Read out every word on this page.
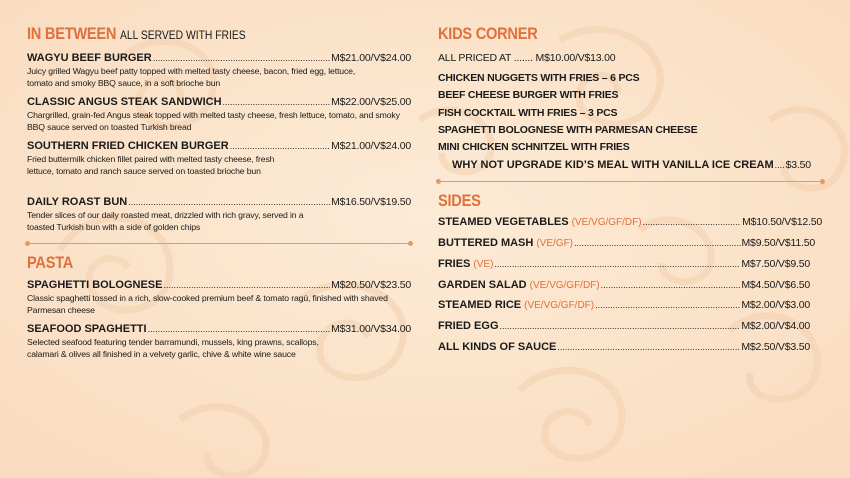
IN BETWEEN ALL SERVED WITH FRIES
WAGYU BEEF BURGER .....	M$21.00/V$24.00
Juicy grilled Wagyu beef patty topped with melted tasty cheese, bacon, fried egg, lettuce, tomato and smoky BBQ sauce, in a soft brioche bun
CLASSIC ANGUS STEAK SANDWICH .....	M$22.00/V$25.00
Chargrilled, grain-fed Angus steak topped with melted tasty cheese, fresh lettuce, tomato, and smoky BBQ sauce served on toasted Turkish bread
SOUTHERN FRIED CHICKEN BURGER .....	M$21.00/V$24.00
Fried buttermilk chicken fillet paired with melted tasty cheese, fresh lettuce, tomato and ranch sauce served on toasted brioche bun
DAILY ROAST BUN .....	M$16.50/V$19.50
Tender slices of our daily roasted meat, drizzled with rich gravy, served in a toasted Turkish bun with a side of golden chips
PASTA
SPAGHETTI BOLOGNESE .....	M$20.50/V$23.50
Classic spaghetti tossed in a rich, slow-cooked premium beef & tomato ragù, finished with shaved Parmesan cheese
SEAFOOD SPAGHETTI .....	M$31.00/V$34.00
Selected seafood featuring tender barramundi, mussels, king prawns, scallops, calamari & olives all finished in a velvety garlic, chive & white wine sauce
KIDS CORNER
ALL PRICED AT ....... M$10.00/V$13.00
CHICKEN NUGGETS WITH FRIES – 6 PCS
BEEF CHEESE BURGER WITH FRIES
FISH COCKTAIL WITH FRIES – 3 PCS
SPAGHETTI BOLOGNESE WITH PARMESAN CHEESE
MINI CHICKEN SCHNITZEL WITH FRIES
WHY NOT UPGRADE KID’S MEAL WITH VANILLA ICE CREAM ..... $3.50
SIDES
STEAMED VEGETABLES (VE/VG/GF/DF) .....	M$10.50/V$12.50
BUTTERED MASH (VE/GF) .....	M$9.50/V$11.50
FRIES (VE) .....	M$7.50/V$9.50
GARDEN SALAD (VE/VG/GF/DF) .....	M$4.50/V$6.50
STEAMED RICE (VE/VG/GF/DF) .....	M$2.00/V$3.00
FRIED EGG .....	M$2.00/V$4.00
ALL KINDS OF SAUCE .....	M$2.50/V$3.50
